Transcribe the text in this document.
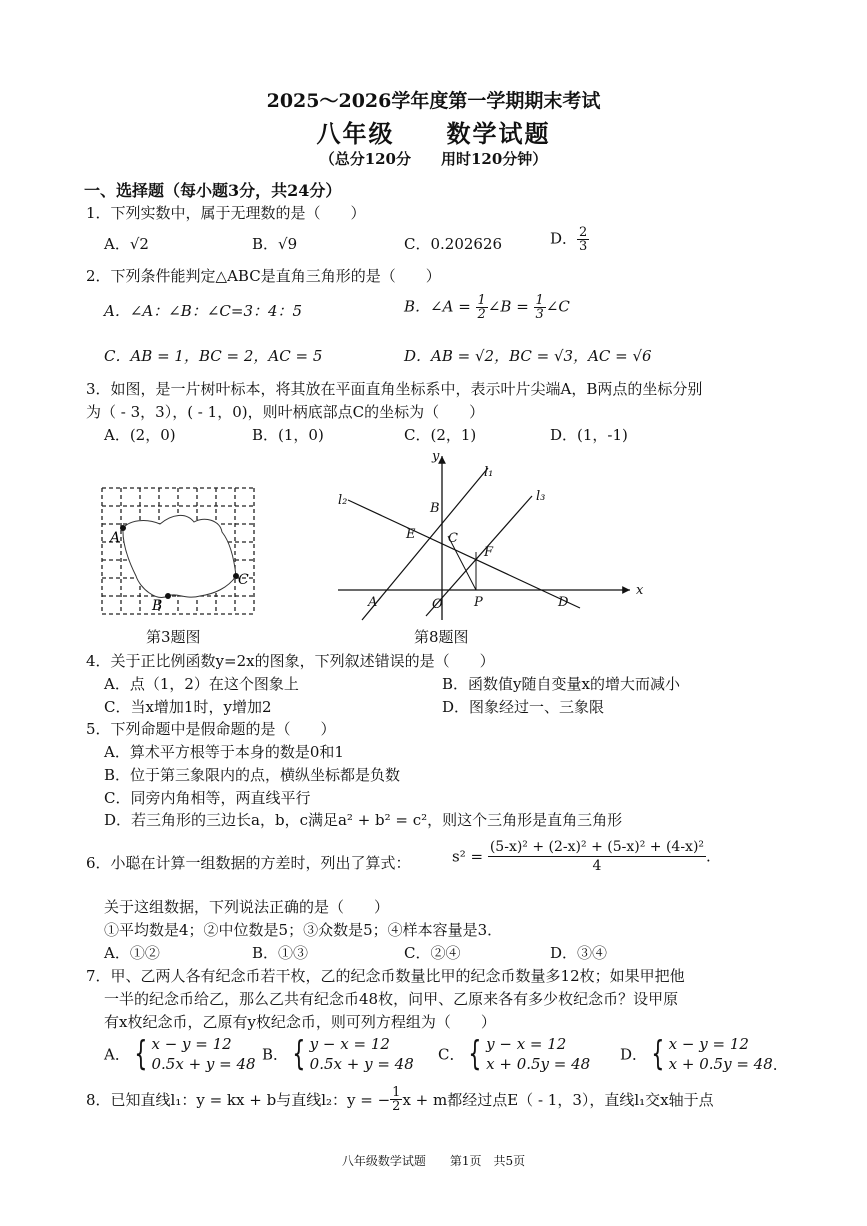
2025～2026学年度第一学期期末考试
八年级　　数学试题
（总分120分　　用时120分钟）
一、选择题（每小题3分，共24分）
1．下列实数中，属于无理数的是（　　）
A．√2	B．√9	C．0.202626	D． $\frac{2}{3}$
2．下列条件能判定△ABC是直角三角形的是（　　）
A．∠A：∠B：∠C=3：4：5	B．∠A = $\frac{1}{2}$ ∠B = $\frac{1}{3}$ ∠C
C．AB = 1，BC = 2，AC = 5	D．AB = √2，BC = √3，AC = √6
3．如图，是一片树叶标本，将其放在平面直角坐标系中，表示叶片尖端A，B两点的坐标分别
为（ - 3，3），( - 1，0)，则叶柄底部点C的坐标为（　　）
A．(2，0)	B．(1，0)	C．(2，1)	D．(1，-1)
A
B
C
第3题图
y
x
l₁
l₂	l₃
B
E	C
F
A	O P	D
第8题图
4．关于正比例函数y=2x的图象，下列叙述错误的是（　　）
A．点（1，2）在这个图象上	B．函数值y随自变量x的增大而减小
C．当x增加1时，y增加2	D．图象经过一、三象限
5．下列命题中是假命题的是（　　）
A．算术平方根等于本身的数是0和1
B．位于第三象限内的点，横纵坐标都是负数
C．同旁内角相等，两直线平行
D．若三角形的三边长a，b，c满足a² + b² = c²，则这个三角形是直角三角形
6．小聪在计算一组数据的方差时，列出了算式：	$s^2 = \frac{\text{(5-x)² + (2-x)² + (5-x)² + (4-x)²}}{4}$ .
关于这组数据，下列说法正确的是（　　）
①平均数是4；②中位数是5；③众数是5；④样本容量是3．
A．①②	B．①③	C．②④	D．③④
7．甲、乙两人各有纪念币若干枚，乙的纪念币数量比甲的纪念币数量多12枚；如果甲把他
一半的纪念币给乙，那么乙共有纪念币48枚，问甲、乙原来各有多少枚纪念币？设甲原
有x枚纪念币，乙原有y枚纪念币，则可列方程组为（　　）
A． { x − y = 12
0.5x + y = 48
B． { y − x = 12
0.5x + y = 48
C． { y − x = 12
x + 0.5y = 48
D． { x − y = 12
x + 0.5y = 48 .
8．已知直线l₁：y = kx + b与直线l₂：y = − $\frac{1}{2}$ x + m都经过点E（ - 1，3），直线l₁交x轴于点
八年级数学试题　　第1页　共5页
